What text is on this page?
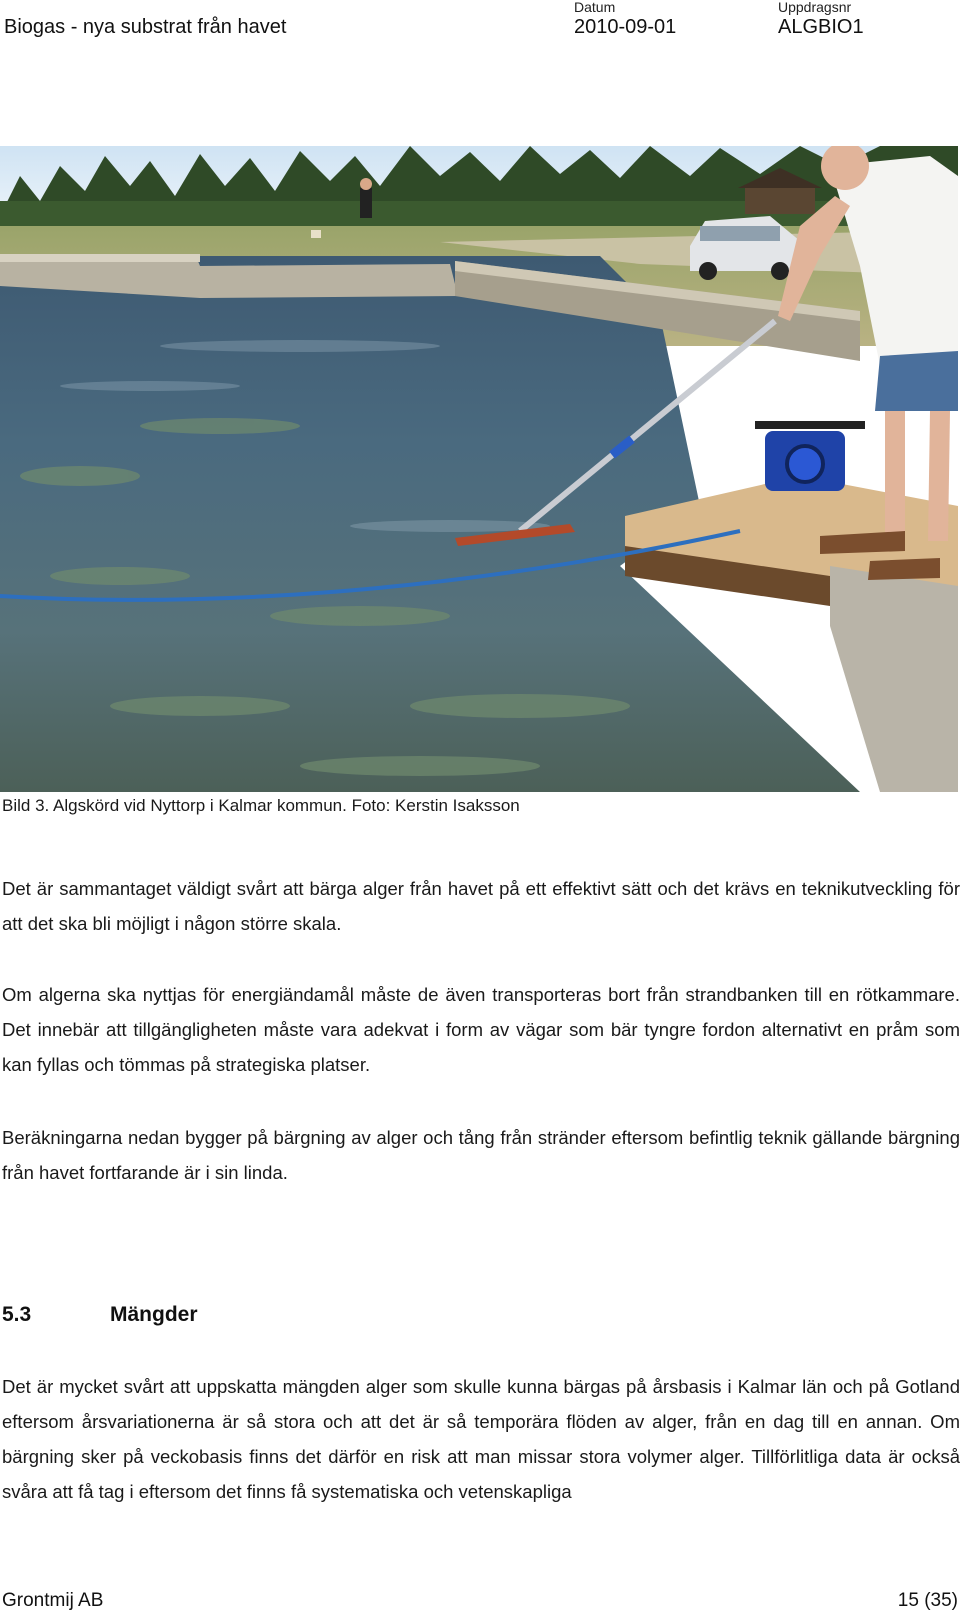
Biogas - nya substrat från havet
Datum
2010-09-01
Uppdragsnr
ALGBIO1
Bild 3. Algskörd vid Nyttorp i Kalmar kommun. Foto: Kerstin Isaksson
Det är sammantaget väldigt svårt att bärga alger från havet på ett effektivt sätt och det krävs en teknikutveckling för att det ska bli möjligt i någon större skala.
Om algerna ska nyttjas för energiändamål måste de även transporteras bort från strandbanken till en rötkammare. Det innebär att tillgängligheten måste vara adekvat i form av vägar som bär tyngre fordon alternativt en pråm som kan fyllas och tömmas på strategiska platser.
Beräkningarna nedan bygger på bärgning av alger och tång från stränder eftersom befintlig teknik gällande bärgning från havet fortfarande är i sin linda.
5.3	Mängder
Det är mycket svårt att uppskatta mängden alger som skulle kunna bärgas på årsbasis i Kalmar län och på Gotland eftersom årsvariationerna är så stora och att det är så temporära flöden av alger, från en dag till en annan. Om bärgning sker på veckobasis finns det därför en risk att man missar stora volymer alger. Tillförlitliga data är också svåra att få tag i eftersom det finns få systematiska och vetenskapliga
Grontmij AB	15 (35)
